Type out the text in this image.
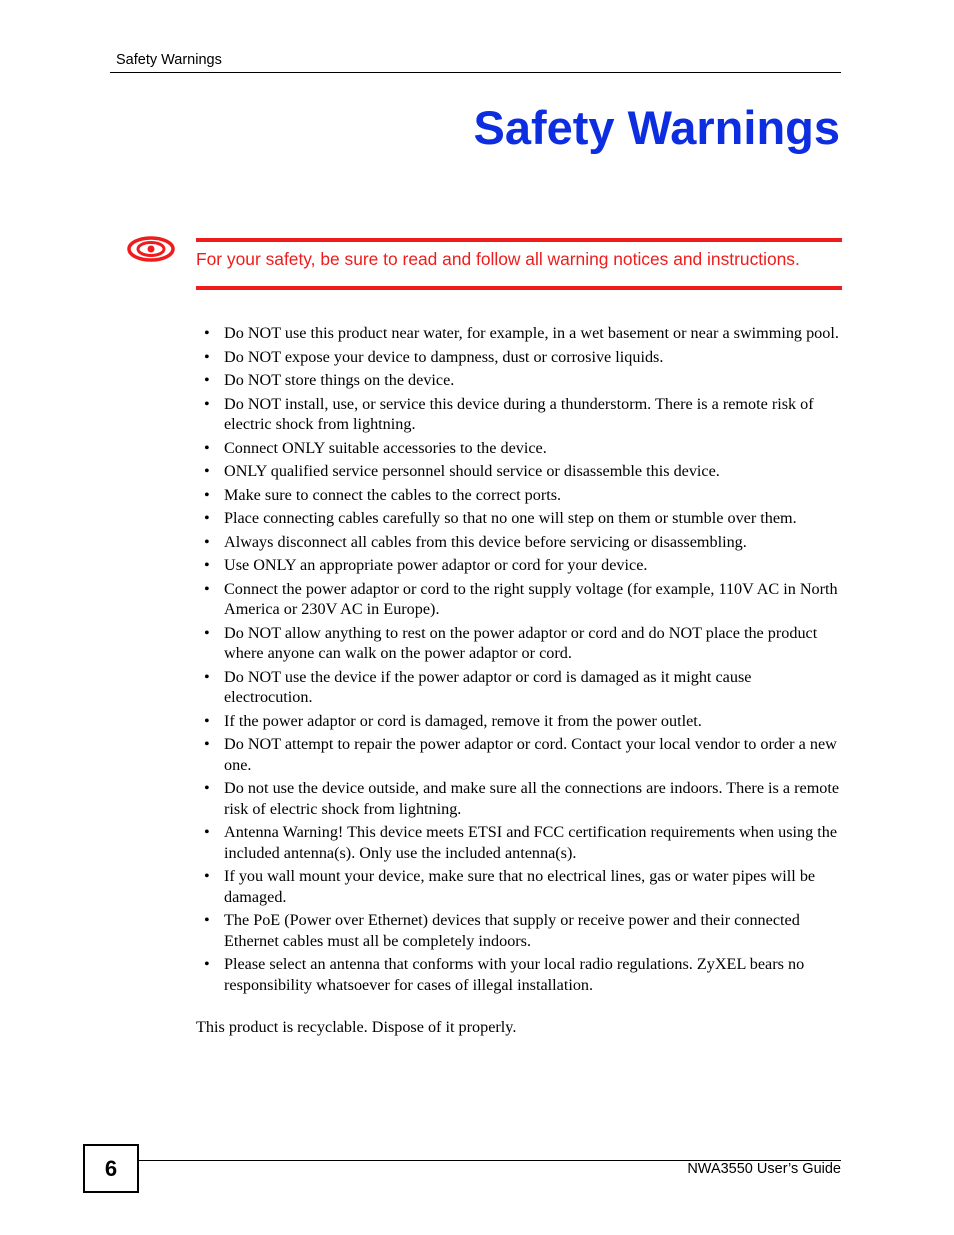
Safety Warnings
Safety Warnings
For your safety, be sure to read and follow all warning notices and instructions.
• Do NOT use this product near water, for example, in a wet basement or near a swimming pool.
• Do NOT expose your device to dampness, dust or corrosive liquids.
• Do NOT store things on the device.
• Do NOT install, use, or service this device during a thunderstorm. There is a remote risk of electric shock from lightning.
• Connect ONLY suitable accessories to the device.
• ONLY qualified service personnel should service or disassemble this device.
• Make sure to connect the cables to the correct ports.
• Place connecting cables carefully so that no one will step on them or stumble over them.
• Always disconnect all cables from this device before servicing or disassembling.
• Use ONLY an appropriate power adaptor or cord for your device.
• Connect the power adaptor or cord to the right supply voltage (for example, 110V AC in North America or 230V AC in Europe).
• Do NOT allow anything to rest on the power adaptor or cord and do NOT place the product where anyone can walk on the power adaptor or cord.
• Do NOT use the device if the power adaptor or cord is damaged as it might cause electrocution.
• If the power adaptor or cord is damaged, remove it from the power outlet.
• Do NOT attempt to repair the power adaptor or cord. Contact your local vendor to order a new one.
• Do not use the device outside, and make sure all the connections are indoors. There is a remote risk of electric shock from lightning.
• Antenna Warning! This device meets ETSI and FCC certification requirements when using the included antenna(s). Only use the included antenna(s).
• If you wall mount your device, make sure that no electrical lines, gas or water pipes will be damaged.
• The PoE (Power over Ethernet) devices that supply or receive power and their connected Ethernet cables must all be completely indoors.
• Please select an antenna that conforms with your local radio regulations. ZyXEL bears no responsibility whatsoever for cases of illegal installation.
This product is recyclable. Dispose of it properly.
6	NWA3550 User’s Guide
